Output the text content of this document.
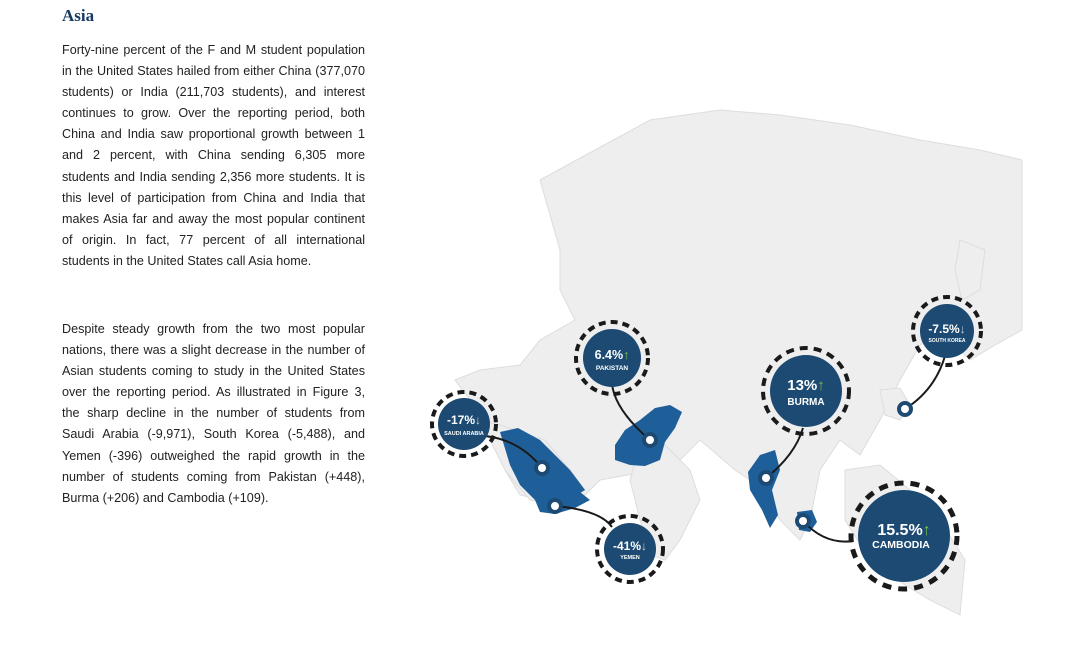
Asia

Forty-nine percent of the F and M student population in the United States hailed from either China (377,070 students) or India (211,703 students), and interest continues to grow. Over the reporting period, both China and India saw proportional growth between 1 and 2 percent, with China sending 6,305 more students and India sending 2,356 more students. It is this level of participation from China and India that makes Asia far and away the most popular continent of origin. In fact, 77 percent of all international students in the United States call Asia home.

Despite steady growth from the two most popular nations, there was a slight decrease in the number of Asian students coming to study in the United States over the reporting period. As illustrated in Figure 3, the sharp decline in the number of students from Saudi Arabia (-9,971), South Korea (-5,488), and Yemen (-396) outweighed the rapid growth in the number of students coming from Pakistan (+448), Burma (+206) and Cambodia (+109).

-17%↓
SAUDI ARABIA
6.4%↑
PAKISTAN
13%↑
BURMA
-7.5%↓
SOUTH KOREA
-41%↓
YEMEN
15.5%↑
CAMBODIA
